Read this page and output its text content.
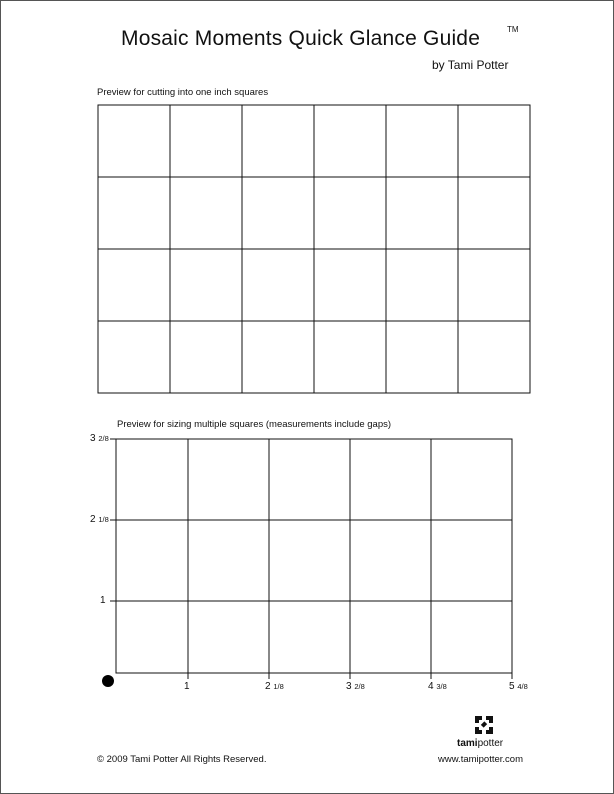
Mosaic Moments Quick Glance Guide	TM
by Tami Potter
Preview for cutting into one inch squares
Preview for sizing multiple squares (measurements include gaps)
3 2/8
2 1/8
1
1	2 1/8	3 2/8	4 3/8	5 4/8
tamipotter
© 2009 Tami Potter All Rights Reserved.	www.tamipotter.com
